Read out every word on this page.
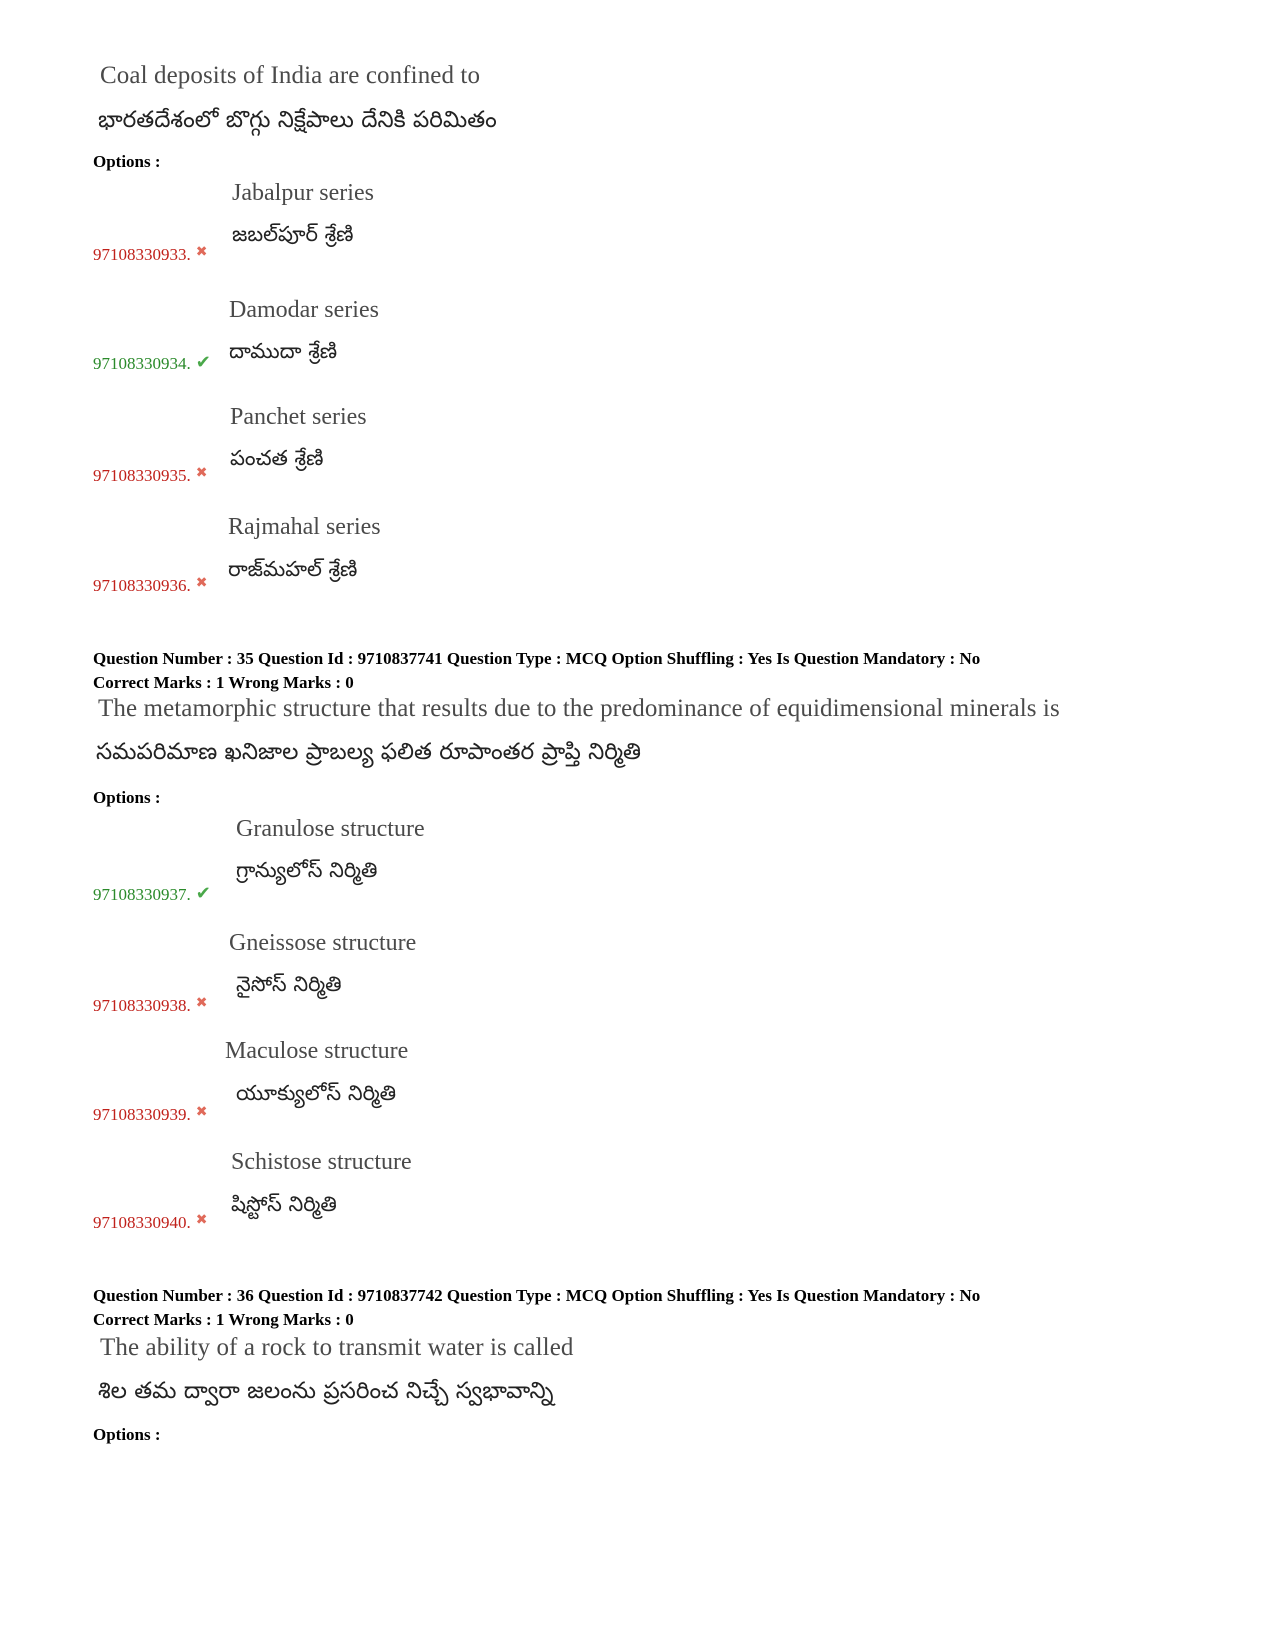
Coal deposits of India are confined to
భారతదేశంలో బొగ్గు నిక్షేపాలు దేనికి పరిమితం
Options :
Jabalpur series
జబల్‌పూర్ శ్రేణి
97108330933. ✖
Damodar series
దాముదా శ్రేణి
97108330934. ✔
Panchet series
పంచత శ్రేణి
97108330935. ✖
Rajmahal series
రాజ్‌మహల్ శ్రేణి
97108330936. ✖
Question Number : 35 Question Id : 9710837741 Question Type : MCQ Option Shuffling : Yes Is Question Mandatory : No
Correct Marks : 1 Wrong Marks : 0
The metamorphic structure that results due to the predominance of equidimensional minerals is
సమపరిమాణ ఖనిజాల ప్రాబల్య ఫలిత రూపాంతర ప్రాప్తి నిర్మితి
Options :
Granulose structure
గ్రాన్యులోస్ నిర్మితి
97108330937. ✔
Gneissose structure
నైసోస్ నిర్మితి
97108330938. ✖
Maculose structure
యూక్యులోస్ నిర్మితి
97108330939. ✖
Schistose structure
షిస్టోస్ నిర్మితి
97108330940. ✖
Question Number : 36 Question Id : 9710837742 Question Type : MCQ Option Shuffling : Yes Is Question Mandatory : No
Correct Marks : 1 Wrong Marks : 0
The ability of a rock to transmit water is called
శిల తమ ద్వారా జలంను ప్రసరించ నిచ్చే స్వభావాన్ని
Options :
